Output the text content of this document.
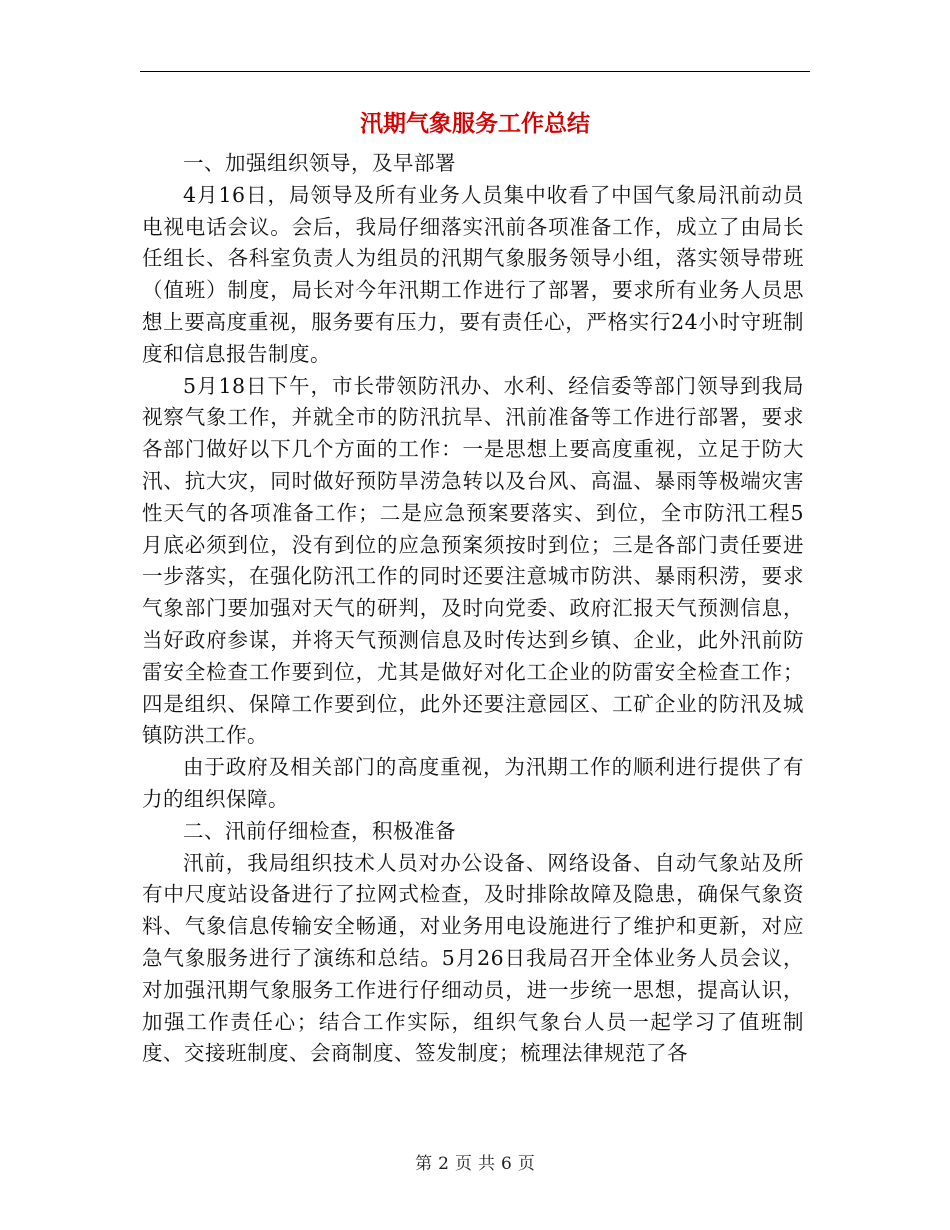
汛期气象服务工作总结

一、加强组织领导，及早部署

4月16日，局领导及所有业务人员集中收看了中国气象局汛前动员电视电话会议。会后，我局仔细落实汛前各项准备工作，成立了由局长任组长、各科室负责人为组员的汛期气象服务领导小组，落实领导带班（值班）制度，局长对今年汛期工作进行了部署，要求所有业务人员思想上要高度重视，服务要有压力，要有责任心，严格实行24小时守班制度和信息报告制度。

5月18日下午，市长带领防汛办、水利、经信委等部门领导到我局视察气象工作，并就全市的防汛抗旱、汛前准备等工作进行部署，要求各部门做好以下几个方面的工作：一是思想上要高度重视，立足于防大汛、抗大灾，同时做好预防旱涝急转以及台风、高温、暴雨等极端灾害性天气的各项准备工作；二是应急预案要落实、到位，全市防汛工程5月底必须到位，没有到位的应急预案须按时到位；三是各部门责任要进一步落实，在强化防汛工作的同时还要注意城市防洪、暴雨积涝，要求气象部门要加强对天气的研判，及时向党委、政府汇报天气预测信息，当好政府参谋，并将天气预测信息及时传达到乡镇、企业，此外汛前防雷安全检查工作要到位，尤其是做好对化工企业的防雷安全检查工作；四是组织、保障工作要到位，此外还要注意园区、工矿企业的防汛及城镇防洪工作。

由于政府及相关部门的高度重视，为汛期工作的顺利进行提供了有力的组织保障。

二、汛前仔细检查，积极准备

汛前，我局组织技术人员对办公设备、网络设备、自动气象站及所有中尺度站设备进行了拉网式检查，及时排除故障及隐患，确保气象资料、气象信息传输安全畅通，对业务用电设施进行了维护和更新，对应急气象服务进行了演练和总结。5月26日我局召开全体业务人员会议，对加强汛期气象服务工作进行仔细动员，进一步统一思想，提高认识，加强工作责任心；结合工作实际，组织气象台人员一起学习了值班制度、交接班制度、会商制度、签发制度；梳理法律规范了各

第 2 页 共 6 页
